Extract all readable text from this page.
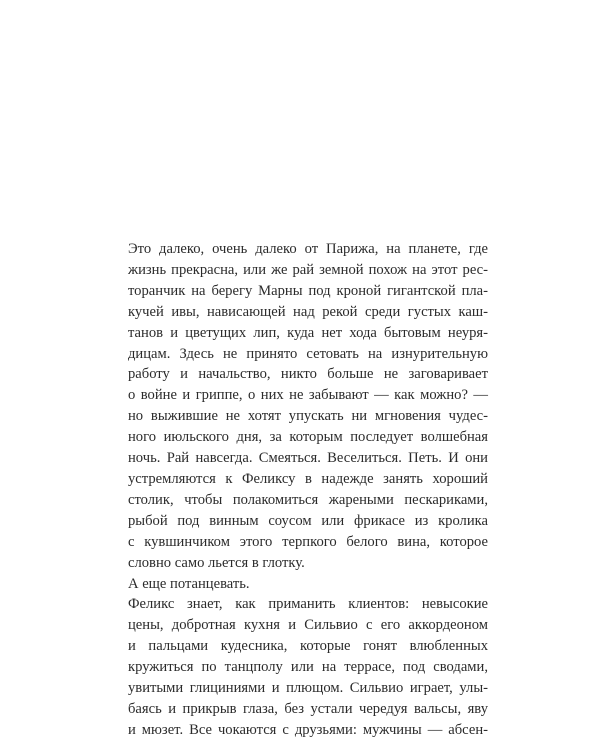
Это далеко, очень далеко от Парижа, на планете, где
жизнь прекрасна, или же рай земной похож на этот рес-
торанчик на берегу Марны под кроной гигантской пла-
кучей ивы, нависающей над рекой среди густых каш-
танов и цветущих лип, куда нет хода бытовым неуря-
дицам. Здесь не принято сетовать на изнурительную
работу и начальство, никто больше не заговаривает
о войне и гриппе, о них не забывают — как можно? —
но выжившие не хотят упускать ни мгновения чудес-
ного июльского дня, за которым последует волшебная
ночь. Рай навсегда. Смеяться. Веселиться. Петь. И они
устремляются к Феликсу в надежде занять хороший
столик, чтобы полакомиться жареными пескариками,
рыбой под винным соусом или фрикасе из кролика
с кувшинчиком этого терпкого белого вина, которое
словно само льется в глотку.

А еще потанцевать.

Феликс знает, как приманить клиентов: невысокие
цены, добротная кухня и Сильвио с его аккордеоном
и пальцами кудесника, которые гонят влюбленных
кружиться по танцполу или на террасе, под сводами,
увитыми глициниями и плющом. Сильвио играет, улы-
баясь и прикрыв глаза, без устали чередуя вальсы, яву
и мюзет. Все чокаются с друзьями: мужчины — абсен-
